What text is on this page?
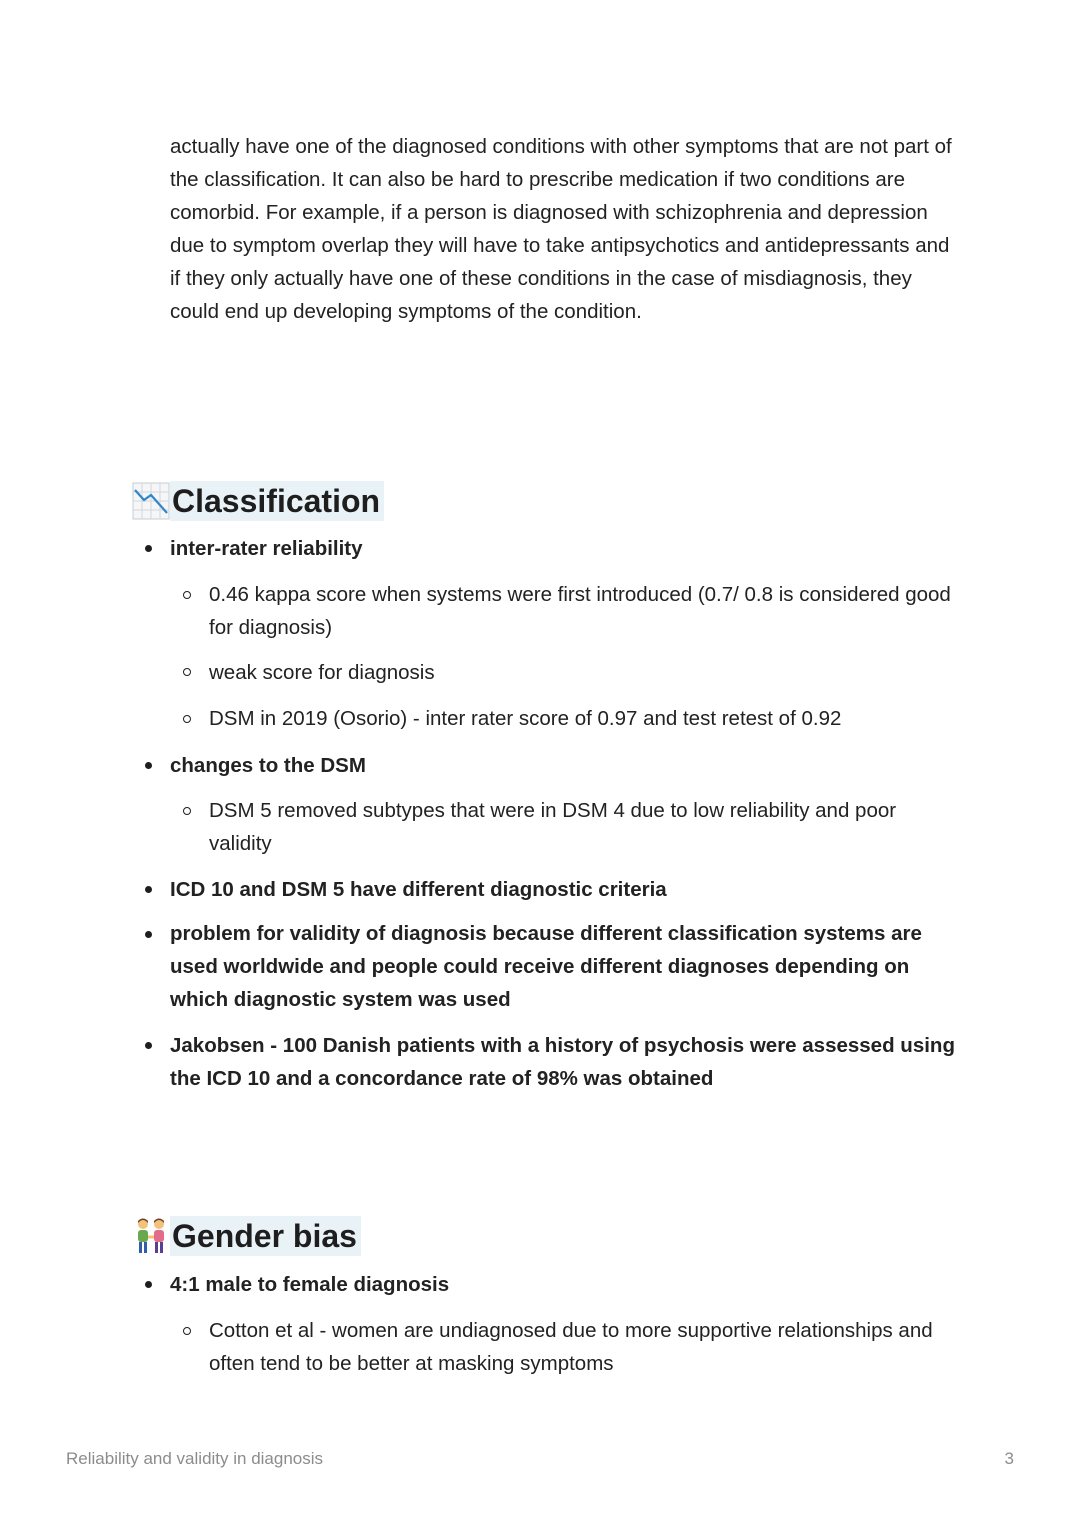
actually have one of the diagnosed conditions with other symptoms that are not part of the classification. It can also be hard to prescribe medication if two conditions are comorbid. For example, if a person is diagnosed with schizophrenia and depression due to symptom overlap they will have to take antipsychotics and antidepressants and if they only actually have one of these conditions in the case of misdiagnosis, they could end up developing symptoms of the condition.

Classification
inter-rater reliability
0.46 kappa score when systems were first introduced (0.7/ 0.8 is considered good for diagnosis)
weak score for diagnosis
DSM in 2019 (Osorio) - inter rater score of 0.97 and test retest of 0.92
changes to the DSM
DSM 5 removed subtypes that were in DSM 4 due to low reliability and poor validity
ICD 10 and DSM 5 have different diagnostic criteria
problem for validity of diagnosis because different classification systems are used worldwide and people could receive different diagnoses depending on which diagnostic system was used
Jakobsen - 100 Danish patients with a history of psychosis were assessed using the ICD 10 and a concordance rate of 98% was obtained
Gender bias
4:1 male to female diagnosis
Cotton et al - women are undiagnosed due to more supportive relationships and often tend to be better at masking symptoms
Reliability and validity in diagnosis	3
